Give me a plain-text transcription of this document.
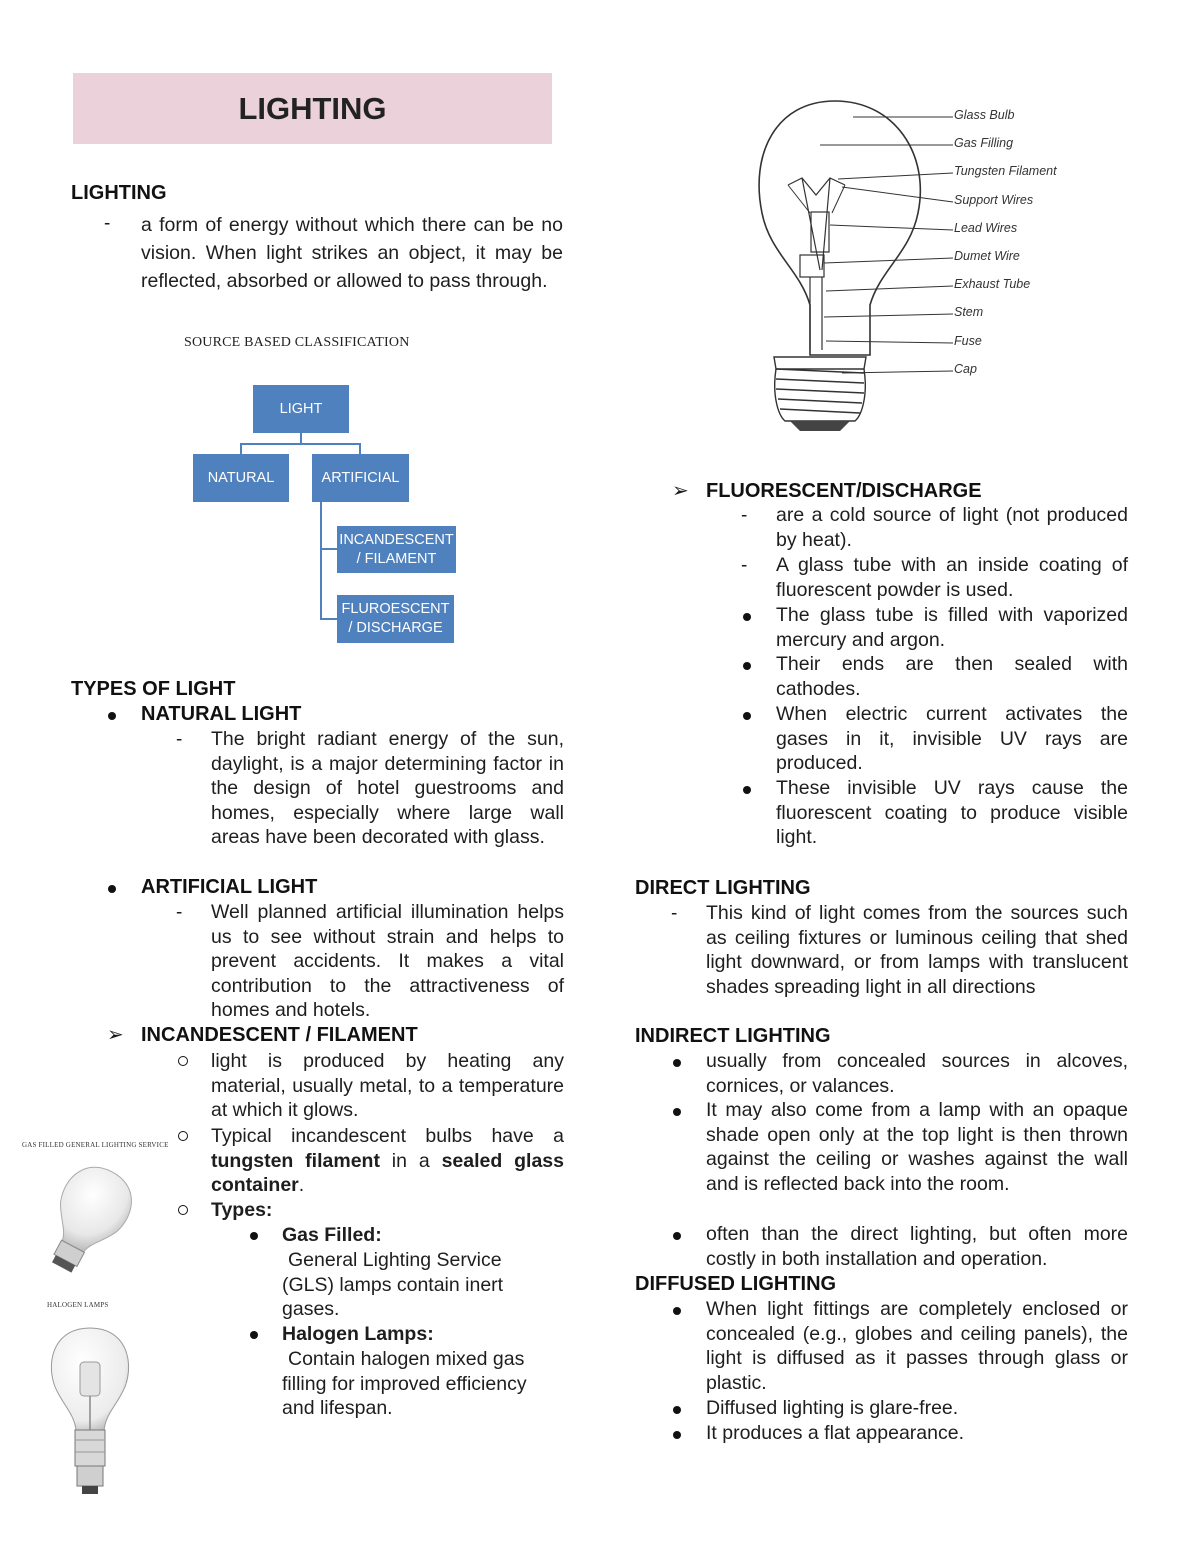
LIGHTING
LIGHTING
- a form of energy without which there can be no vision. When light strikes an object, it may be reflected, absorbed or allowed to pass through.
SOURCE BASED CLASSIFICATION
LIGHT
NATURAL	ARTIFICIAL
INCANDESCENT
/ FILAMENT
FLUROESCENT
/ DISCHARGE
TYPES OF LIGHT
NATURAL LIGHT
- The bright radiant energy of the sun, daylight, is a major determining factor in the design of hotel guestrooms and homes, especially where large wall areas have been decorated with glass.
ARTIFICIAL LIGHT
- Well planned artificial illumination helps us to see without strain and helps to prevent accidents. It makes a vital contribution to the attractiveness of homes and hotels.
➢ INCANDESCENT / FILAMENT
light is produced by heating any material, usually metal, to a temperature at which it glows.
Typical incandescent bulbs have a tungsten filament in a sealed glass container.
Types:
Gas Filled:
General Lighting Service (GLS) lamps contain inert gases.
Halogen Lamps:
Contain halogen mixed gas filling for improved efficiency and lifespan.
GAS FILLED GENERAL LIGHTING SERVICE
HALOGEN LAMPS
Glass Bulb
Gas Filling
Tungsten Filament
Support Wires
Lead Wires
Dumet Wire
Exhaust Tube
Stem
Fuse
Cap
➢ FLUORESCENT/DISCHARGE
- are a cold source of light (not produced by heat).
- A glass tube with an inside coating of fluorescent powder is used.
The glass tube is filled with vaporized mercury and argon.
Their ends are then sealed with cathodes.
When electric current activates the gases in it, invisible UV rays are produced.
These invisible UV rays cause the fluorescent coating to produce visible light.
DIRECT LIGHTING
- This kind of light comes from the sources such as ceiling fixtures or luminous ceiling that shed light downward, or from lamps with translucent shades spreading light in all directions
INDIRECT LIGHTING
usually from concealed sources in alcoves, cornices, or valances.
It may also come from a lamp with an opaque shade open only at the top light is then thrown against the ceiling or washes against the wall and is reflected back into the room.
often than the direct lighting, but often more costly in both installation and operation.
DIFFUSED LIGHTING
When light fittings are completely enclosed or concealed (e.g., globes and ceiling panels), the light is diffused as it passes through glass or plastic.
Diffused lighting is glare-free.
It produces a flat appearance.
